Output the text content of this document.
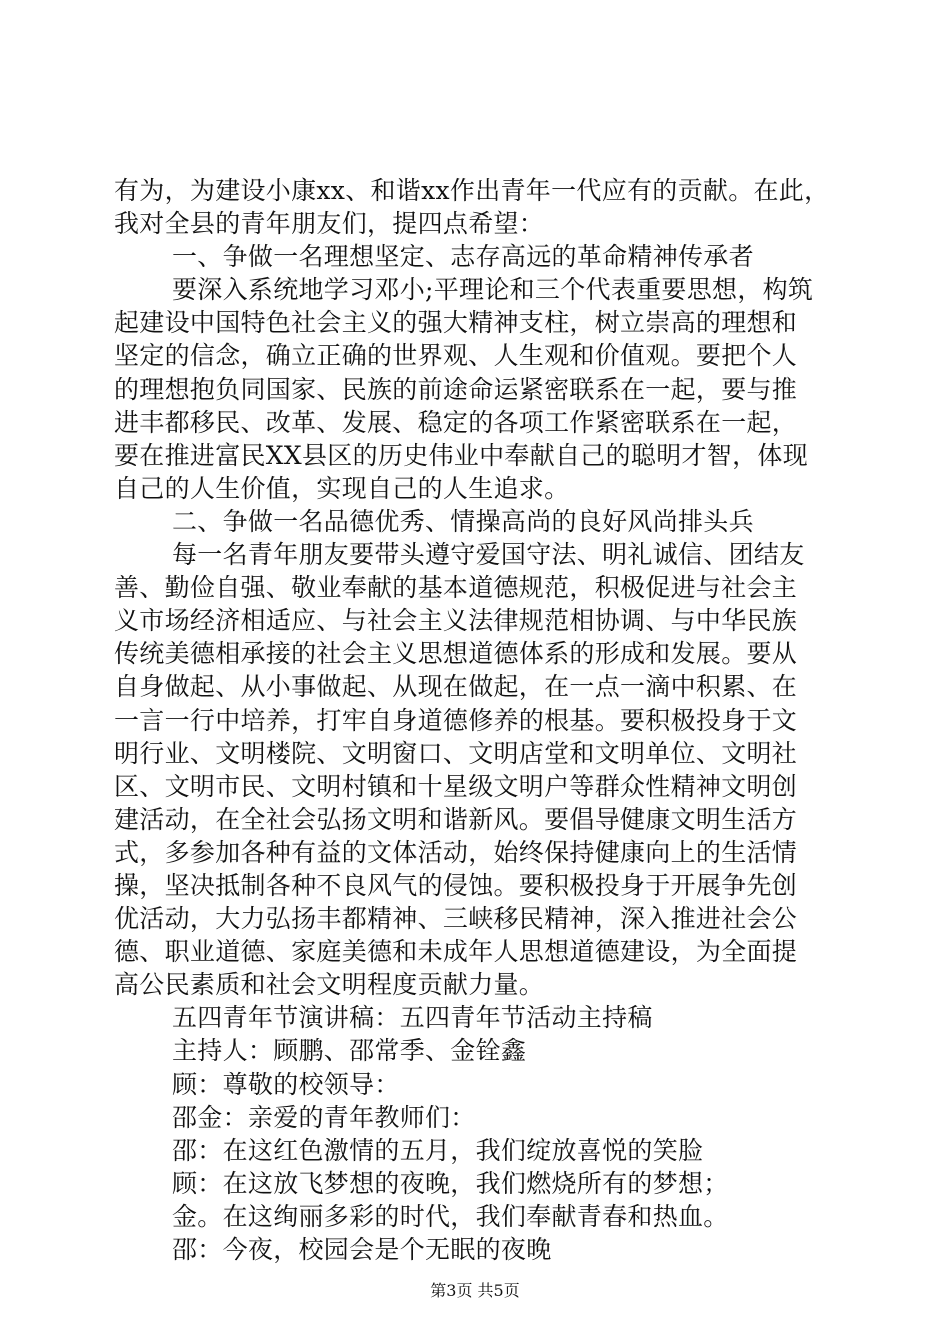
有为，为建设小康xx、和谐xx作出青年一代应有的贡献。在此，
我对全县的青年朋友们，提四点希望：
一、争做一名理想坚定、志存高远的革命精神传承者
要深入系统地学习邓小;平理论和三个代表重要思想，构筑
起建设中国特色社会主义的强大精神支柱，树立崇高的理想和
坚定的信念，确立正确的世界观、人生观和价值观。要把个人
的理想抱负同国家、民族的前途命运紧密联系在一起，要与推
进丰都移民、改革、发展、稳定的各项工作紧密联系在一起，
要在推进富民XX县区的历史伟业中奉献自己的聪明才智，体现
自己的人生价值，实现自己的人生追求。
二、争做一名品德优秀、情操高尚的良好风尚排头兵
每一名青年朋友要带头遵守爱国守法、明礼诚信、团结友
善、勤俭自强、敬业奉献的基本道德规范，积极促进与社会主
义市场经济相适应、与社会主义法律规范相协调、与中华民族
传统美德相承接的社会主义思想道德体系的形成和发展。要从
自身做起、从小事做起、从现在做起，在一点一滴中积累、在
一言一行中培养，打牢自身道德修养的根基。要积极投身于文
明行业、文明楼院、文明窗口、文明店堂和文明单位、文明社
区、文明市民、文明村镇和十星级文明户等群众性精神文明创
建活动，在全社会弘扬文明和谐新风。要倡导健康文明生活方
式，多参加各种有益的文体活动，始终保持健康向上的生活情
操，坚决抵制各种不良风气的侵蚀。要积极投身于开展争先创
优活动，大力弘扬丰都精神、三峡移民精神，深入推进社会公
德、职业道德、家庭美德和未成年人思想道德建设，为全面提
高公民素质和社会文明程度贡献力量。
五四青年节演讲稿：五四青年节活动主持稿
主持人：顾鹏、邵常季、金铨鑫
顾：尊敬的校领导：
邵金：亲爱的青年教师们：
邵：在这红色激情的五月，我们绽放喜悦的笑脸
顾：在这放飞梦想的夜晚，我们燃烧所有的梦想；
金。在这绚丽多彩的时代，我们奉献青春和热血。
邵：今夜，校园会是个无眠的夜晚
第3页 共5页
